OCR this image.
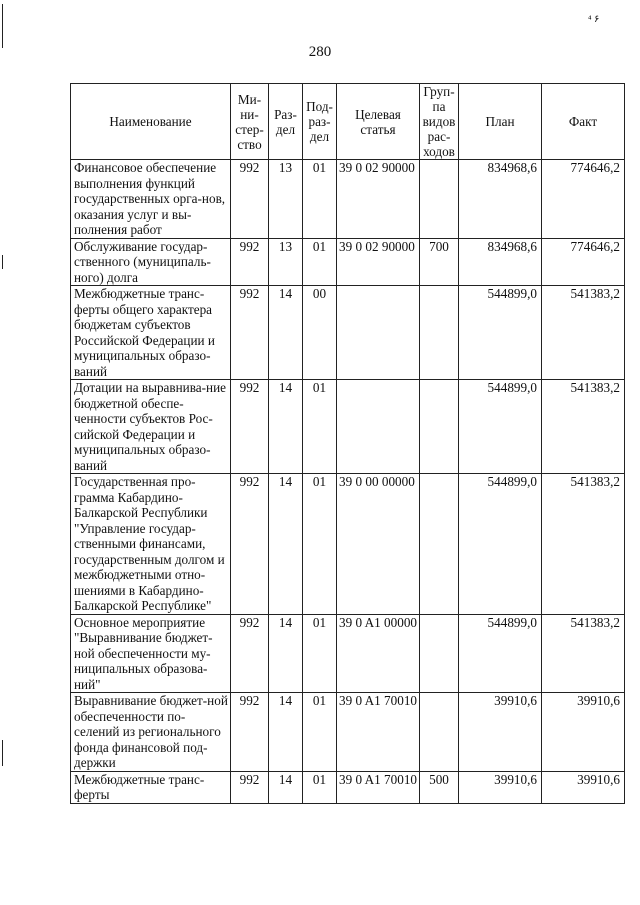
280
⁴ ۶
Наименование	Ми-
ни-
стер-
ство	Раз-
дел	Под-
раз-
дел	Целевая
статья	Груп-
па
видов
рас-
ходов	План	Факт
Финансовое обеспечение выполнения функций государственных орга-нов, оказания услуг и вы-полнения работ	992	13	01	39 0 02 90000		834968,6	774646,2
Обслуживание государ-ственного (муниципаль-ного) долга	992	13	01	39 0 02 90000	700	834968,6	774646,2
Межбюджетные транс-ферты общего характера бюджетам субъектов Российской Федерации и муниципальных образо-ваний	992	14	00			544899,0	541383,2
Дотации на выравнива-ние бюджетной обеспе-ченности субъектов Рос-сийской Федерации и муниципальных образо-ваний	992	14	01			544899,0	541383,2
Государственная про-грамма Кабардино-Балкарской Республики "Управление государ-ственными финансами, государственным долгом и межбюджетными отно-шениями в Кабардино-Балкарской Республике"	992	14	01	39 0 00 00000		544899,0	541383,2
Основное мероприятие "Выравнивание бюджет-ной обеспеченности му-ниципальных образова-ний"	992	14	01	39 0 A1 00000		544899,0	541383,2
Выравнивание бюджет-ной обеспеченности по-селений из регионального фонда финансовой под-держки	992	14	01	39 0 A1 70010		39910,6	39910,6
Межбюджетные транс-ферты	992	14	01	39 0 A1 70010	500	39910,6	39910,6
